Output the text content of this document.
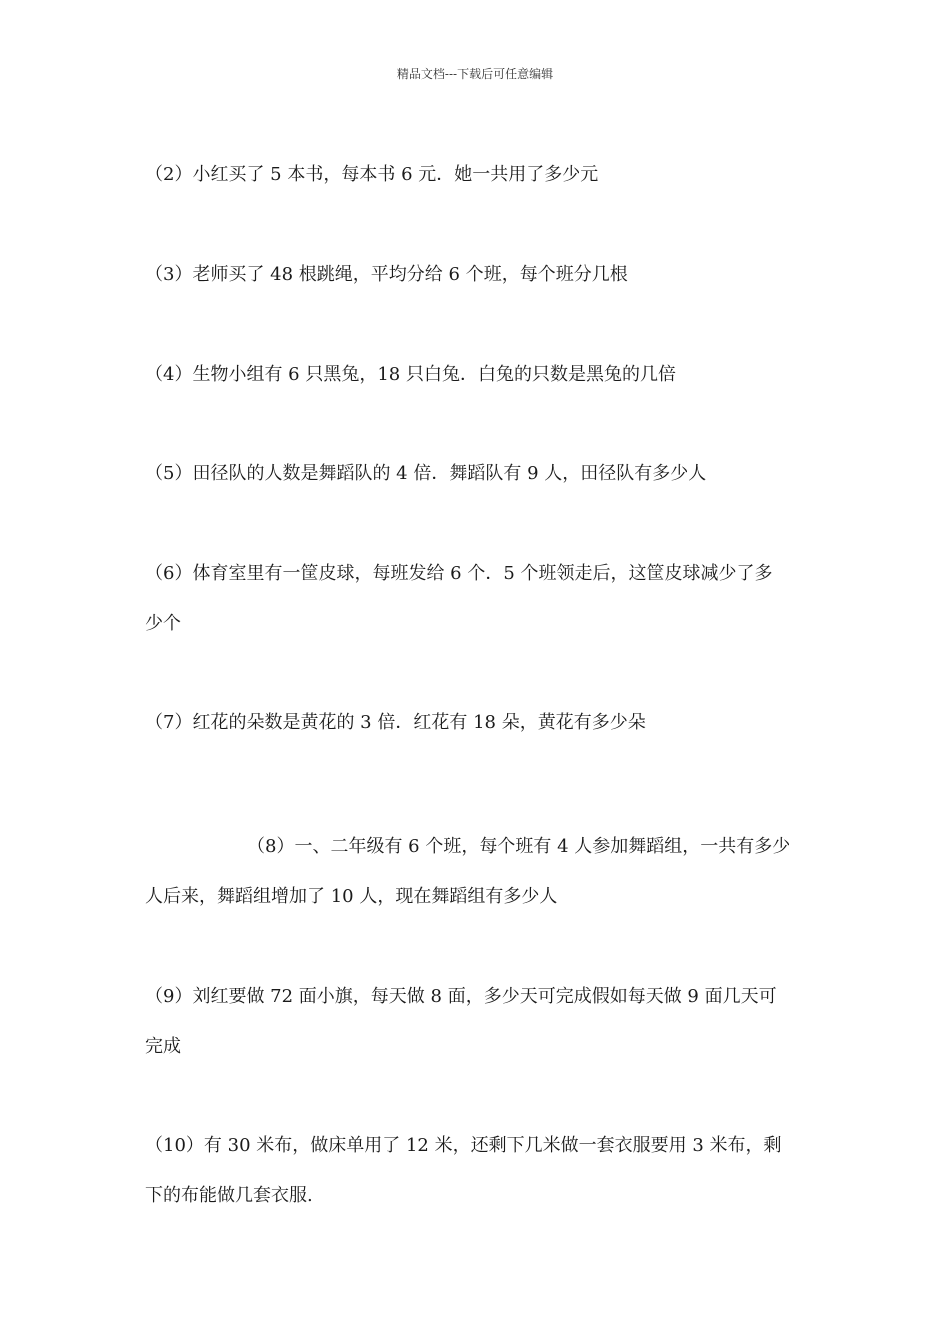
精品文档---下载后可任意编辑
（2）小红买了 5 本书，每本书 6 元．她一共用了多少元
（3）老师买了 48 根跳绳，平均分给 6 个班，每个班分几根
（4）生物小组有 6 只黑兔，18 只白兔．白兔的只数是黑兔的几倍
（5）田径队的人数是舞蹈队的 4 倍．舞蹈队有 9 人，田径队有多少人
（6）体育室里有一筐皮球，每班发给 6 个．5 个班领走后，这筐皮球减少了多
少个
（7）红花的朵数是黄花的 3 倍．红花有 18 朵，黄花有多少朵
（8）一、二年级有 6 个班，每个班有 4 人参加舞蹈组，一共有多少
人后来，舞蹈组增加了 10 人，现在舞蹈组有多少人
（9）刘红要做 72 面小旗，每天做 8 面，多少天可完成假如每天做 9 面几天可
完成
（10）有 30 米布，做床单用了 12 米，还剩下几米做一套衣服要用 3 米布，剩
下的布能做几套衣服.
